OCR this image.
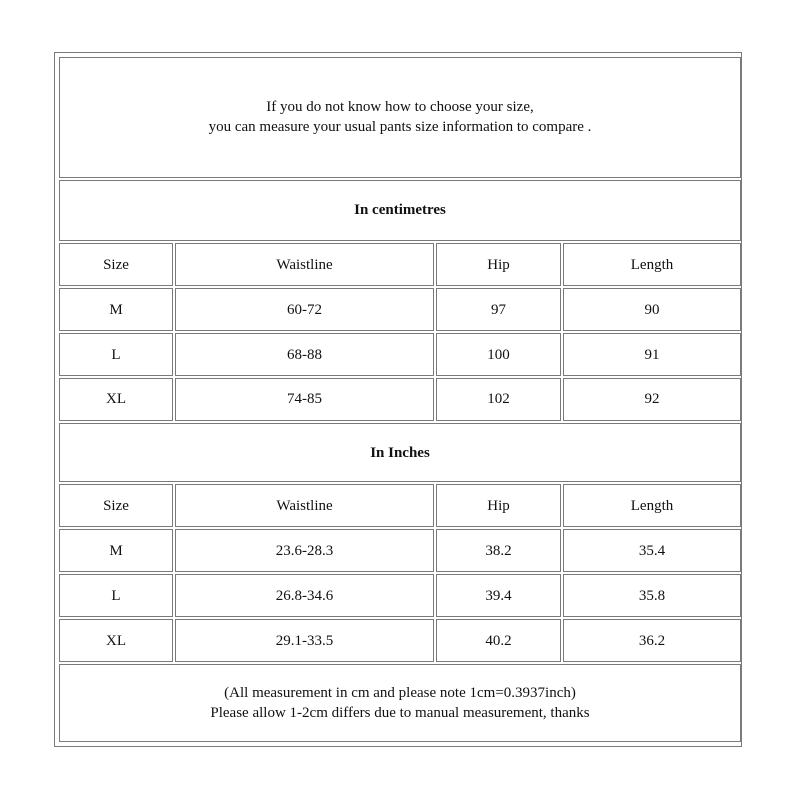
If you do not know how to choose your size,
you can measure your usual pants size information to compare .			

In centimetres			
Size	Waistline	Hip	Length
M	60-72	97	90
L	68-88	100	91
XL	74-85	102	92
In Inches			
Size	Waistline	Hip	Length
M	23.6-28.3	38.2	35.4
L	26.8-34.6	39.4	35.8
XL	29.1-33.5	40.2	36.2

(All measurement in cm and please note 1cm=0.3937inch)
Please allow 1-2cm differs due to manual measurement, thanks			
